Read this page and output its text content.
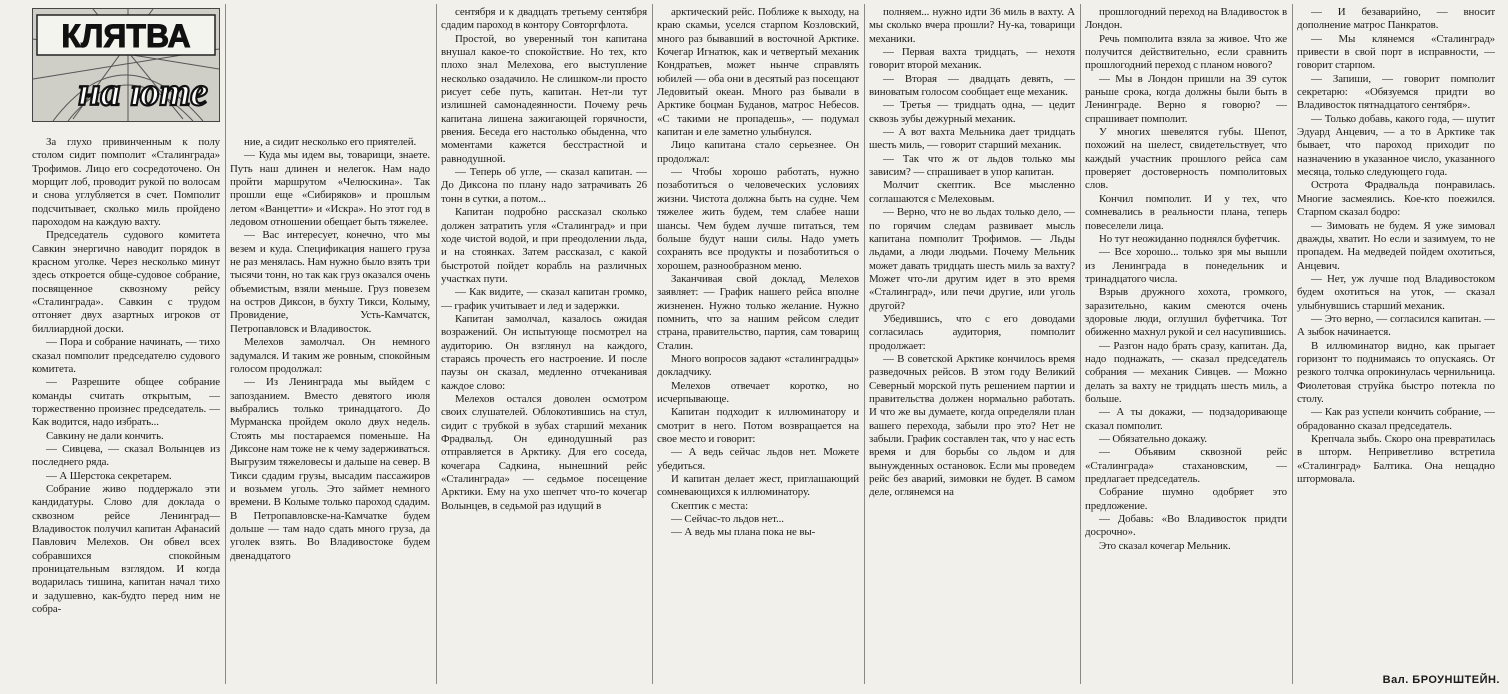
КЛЯТВА
на юте

За глухо привинченным к полу столом сидит помполит «Сталинграда» Трофимов. Лицо его сосредоточено. Он морщит лоб, проводит рукой по волосам и снова углубляется в счет. Помполит подсчитывает, сколько миль пройдено пароходом на каждую вахту.

Председатель судового комитета Савкин энергично наводит порядок в красном уголке. Через несколько минут здесь откроется обще-судовое собрание, посвященное сквозному рейсу «Сталинграда». Савкин с трудом отгоняет двух азартных игроков от биллиардной доски.

— Пора и собрание начинать, — тихо сказал помполит председателю судового комитета.

— Разрешите общее собрание команды считать открытым, — торжественно произнес председатель. — Как водится, надо избрать...

Савкину не дали кончить.

— Сивцева, — сказал Волынцев из последнего ряда.

— А Шерстока секретарем.

Собрание живо поддержало эти кандидатуры. Слово для доклада о сквозном рейсе Ленинград—Владивосток получил капитан Афанасий Павлович Мелехов. Он обвел всех собравшихся спокойным проницательным взглядом. И когда водарилась тишина, капитан начал тихо и задушевно, как-будто перед ним не собра-

ние, а сидит несколько его приятелей.

— Куда мы идем вы, товарищи, знаете. Путь наш длинен и нелегок. Нам надо пройти маршрутом «Челюскина». Так прошли еще «Сибиряков» и прошлым летом «Ванцетти» и «Искра». Но этот год в ледовом отношении обещает быть тяжелее.

— Вас интересует, конечно, что мы везем и куда. Спецификация нашего груза не раз менялась. Нам нужно было взять три тысячи тонн, но так как груз оказался очень объемистым, взяли меньше. Груз повезем на остров Диксон, в бухту Тикси, Колыму, Провидение, Усть-Камчатск, Петропавловск и Владивосток.

Мелехов замолчал. Он немного задумался. И таким же ровным, спокойным голосом продолжал:

— Из Ленинграда мы выйдем с запозданием. Вместо девятого июля выбрались только тринадцатого. До Мурманска пройдем около двух недель. Стоять мы постараемся поменьше. На Диксоне нам тоже не к чему задерживаться. Выгрузим тяжеловесы и дальше на север. В Тикси сдадим грузы, высадим пассажиров и возьмем уголь. Это займет немного времени. В Колыме только пароход сдадим. В Петропавловске-на-Камчатке будем дольше — там надо сдать много груза, да уголек взять. Во Владивостоке будем двенадцатого

сентября и к двадцать третьему сентября сдадим пароход в контору Совторгфлота.

Простой, во уверенный тон капитана внушал какое-то спокойствие. Но тех, кто плохо знал Мелехова, его выступление несколько озадачило. Не слишком-ли просто рисует себе путь, капитан. Нет-ли тут излишней самонадеянности. Почему речь капитана лишена зажигающей горячности, рвения. Беседа его настолько обыденна, что моментами кажется бесстрастной и равнодушной.

— Теперь об угле, — сказал капитан. — До Диксона по плану надо затрачивать 26 тонн в сутки, а потом...

Капитан подробно рассказал сколько должен затратить угля «Сталинград» и при ходе чистой водой, и при преодолении льда, и на стоянках. Затем рассказал, с какой быстротой пойдет корабль на различных участках пути.

— Как видите, — сказал капитан громко, — график учитывает и лед и задержки.

Капитан замолчал, казалось ожидая возражений. Он испытующе посмотрел на аудиторию. Он взглянул на каждого, стараясь прочесть его настроение. И после паузы он сказал, медленно отчеканивая каждое слово:

Мелехов остался доволен осмотром своих слушателей. Облокотившись на стул, сидит с трубкой в зубах старший механик Фрадвальд. Он единодушный раз отправляется в Арктику. Для его соседа, кочегара Садкина, нынешний рейс «Сталинграда» — седьмое посещение Арктики. Ему на ухо шепчет что-то кочегар Волынцев, в седьмой раз идущий в

арктический рейс. Поближе к выходу, на краю скамьи, уселся старпом Козловский, много раз бывавший в восточной Арктике. Кочегар Игнатюк, как и четвертый механик Кондратьев, может нынче справлять юбилей — оба они в десятый раз посещают Ледовитый океан. Много раз бывали в Арктике боцман Буданов, матрос Небесов. «С такими не пропадешь», — подумал капитан и еле заметно улыбнулся.

Лицо капитана стало серьезнее. Он продолжал:

— Чтобы хорошо работать, нужно позаботиться о человеческих условиях жизни. Чистота должна быть на судне. Чем тяжелее жить будем, тем слабее наши шансы. Чем будем лучше питаться, тем больше будут наши силы. Надо уметь сохранять все продукты и позаботиться о хорошем, разнообразном меню.

Заканчивая свой доклад, Мелехов заявляет: — График нашего рейса вполне жизненен. Нужно только желание. Нужно помнить, что за нашим рейсом следит страна, правительство, партия, сам товарищ Сталин.

Много вопросов задают «сталинградцы» докладчику.

Мелехов отвечает коротко, но исчерпывающе.

Капитан подходит к иллюминатору и смотрит в него. Потом возвращается на свое место и говорит:

— А ведь сейчас льдов нет. Можете убедиться.

И капитан делает жест, приглашающий сомневающихся к иллюминатору.

Скептик с места:

— Сейчас-то льдов нет...

— А ведь мы плана пока не вы-

полняем... нужно идти 36 миль в вахту. А мы сколько вчера прошли? Ну-ка, товарищи механики.

— Первая вахта тридцать, — нехотя говорит второй механик.

— Вторая — двадцать девять, — виноватым голосом сообщает еще механик.

— Третья — тридцать одна, — цедит сквозь зубы дежурный механик.

— А вот вахта Мельника дает тридцать шесть миль, — говорит старший механик.

— Так что ж от льдов только мы зависим? — спрашивает в упор капитан.

Молчит скептик. Все мысленно соглашаются с Мелеховым.

— Верно, что не во льдах только дело, — по горячим следам развивает мысль капитана помполит Трофимов. — Льды льдами, а люди людьми. Почему Мельник может давать тридцать шесть миль за вахту? Может что-ли другим идет в это время «Сталинград», или печи другие, или уголь другой?

Убедившись, что с его доводами согласилась аудитория, помполит продолжает:

— В советской Арктике кончилось время разведочных рейсов. В этом году Великий Северный морской путь решением партии и правительства должен нормально работать. И что же вы думаете, когда определяли план вашего перехода, забыли про это? Нет не забыли. График составлен так, что у нас есть время и для борьбы со льдом и для вынужденных остановок. Если мы проведем рейс без аварий, зимовки не будет. В самом деле, оглянемся на

прошлогодний переход на Владивосток в Лондон.

Речь помполита взяла за живое. Что же получится действительно, если сравнить прошлогодний переход с планом нового?

— Мы в Лондон пришли на 39 суток раньше срока, когда должны были быть в Ленинграде. Верно я говорю? — спрашивает помполит.

У многих шевелятся губы. Шепот, похожий на шелест, свидетельствует, что каждый участник прошлого рейса сам проверяет достоверность помполитовых слов.

Кончил помполит. И у тех, что сомневались в реальности плана, теперь повеселели лица.

Но тут неожиданно поднялся буфетчик.

— Все хорошо... только зря мы вышли из Ленинграда в понедельник и тринадцатого числа.

Взрыв дружного хохота, громкого, заразительно, каким смеются очень здоровые люди, оглушил буфетчика. Тот обиженно махнул рукой и сел насупившись.

— Разгон надо брать сразу, капитан. Да, надо поднажать, — сказал председатель собрания — механик Сивцев. — Можно делать за вахту не тридцать шесть миль, а больше.

— А ты докажи, — подзадоривающе сказал помполит.

— Обязательно докажу.

— Объявим сквозной рейс «Сталинграда» стахановским, — предлагает председатель.

Собрание шумно одобряет это предложение.

— Добавь: «Во Владивосток придти досрочно».

Это сказал кочегар Мельник.

— И безаварийно, — вносит дополнение матрос Панкратов.

— Мы клянемся «Сталинград» привести в свой порт в исправности, — говорит старпом.

— Запиши, — говорит помполит секретарю: «Обязуемся придти во Владивосток пятнадцатого сентября».

— Только добавь, какого года, — шутит Эдуард Анцевич, — а то в Арктике так бывает, что пароход приходит по назначению в указанное число, указанного месяца, только следующего года.

Острота Фрадвальда понравилась. Многие засмеялись. Кое-кто поежился. Старпом сказал бодро:

— Зимовать не будем. Я уже зимовал дважды, хватит. Но если и зазимуем, то не пропадем. На медведей пойдем охотиться, Анцевич.

— Нет, уж лучше под Владивостоком будем охотиться на уток, — сказал улыбнувшись старший механик.

— Это верно, — согласился капитан. — А зыбок начинается.

В иллюминатор видно, как прыгает горизонт то поднимаясь то опускаясь. От резкого толчка опрокинулась чернильница. Фиолетовая струйка быстро потекла по столу.

— Как раз успели кончить собрание, — обрадованно сказал председатель.

Крепчала зыбь. Скоро она превратилась в шторм. Неприветливо встретила «Сталинград» Балтика. Она нещадно штормовала.

Вал. БРОУНШТЕЙН.
